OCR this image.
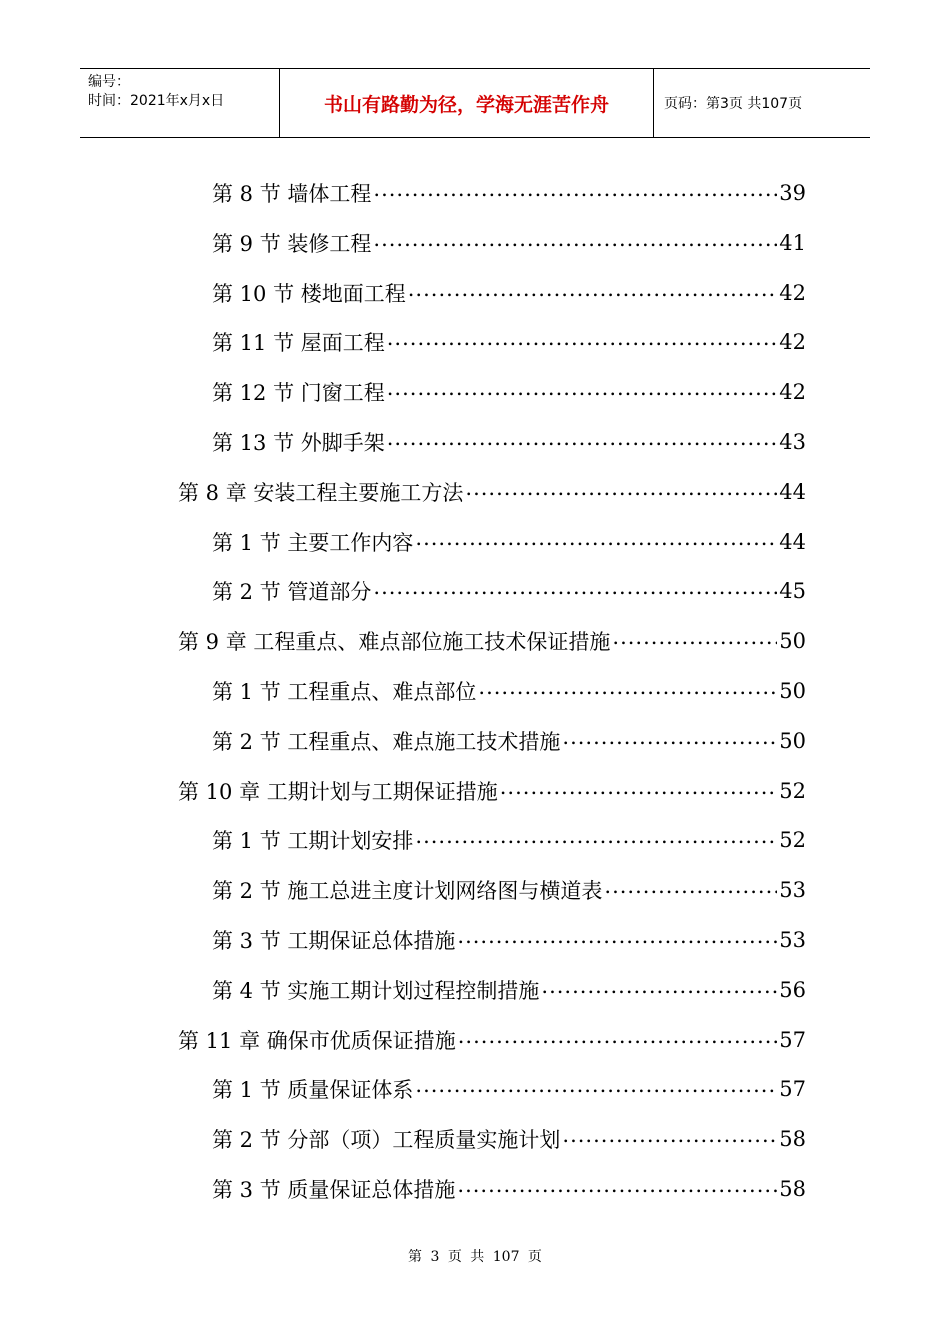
编号：
时间：2021年x月x日	书山有路勤为径，学海无涯苦作舟	页码：第3页 共107页
第 8 节 墙体工程 .....	39
第 9 节 装修工程 .....	41
第 10 节 楼地面工程 .....	42
第 11 节 屋面工程 .....	42
第 12 节 门窗工程 .....	42
第 13 节 外脚手架 .....	43
第 8 章 安装工程主要施工方法 .....	44
第 1 节 主要工作内容 .....	44
第 2 节 管道部分 .....	45
第 9 章 工程重点、难点部位施工技术保证措施 .....	50
第 1 节 工程重点、难点部位 .....	50
第 2 节 工程重点、难点施工技术措施 .....	50
第 10 章 工期计划与工期保证措施 .....	52
第 1 节 工期计划安排 .....	52
第 2 节 施工总进主度计划网络图与横道表 .....	53
第 3 节 工期保证总体措施 .....	53
第 4 节 实施工期计划过程控制措施 .....	56
第 11 章 确保市优质保证措施 .....	57
第 1 节 质量保证体系 .....	57
第 2 节 分部（项）工程质量实施计划 .....	58
第 3 节 质量保证总体措施 .....	58
第 3 页 共 107 页
